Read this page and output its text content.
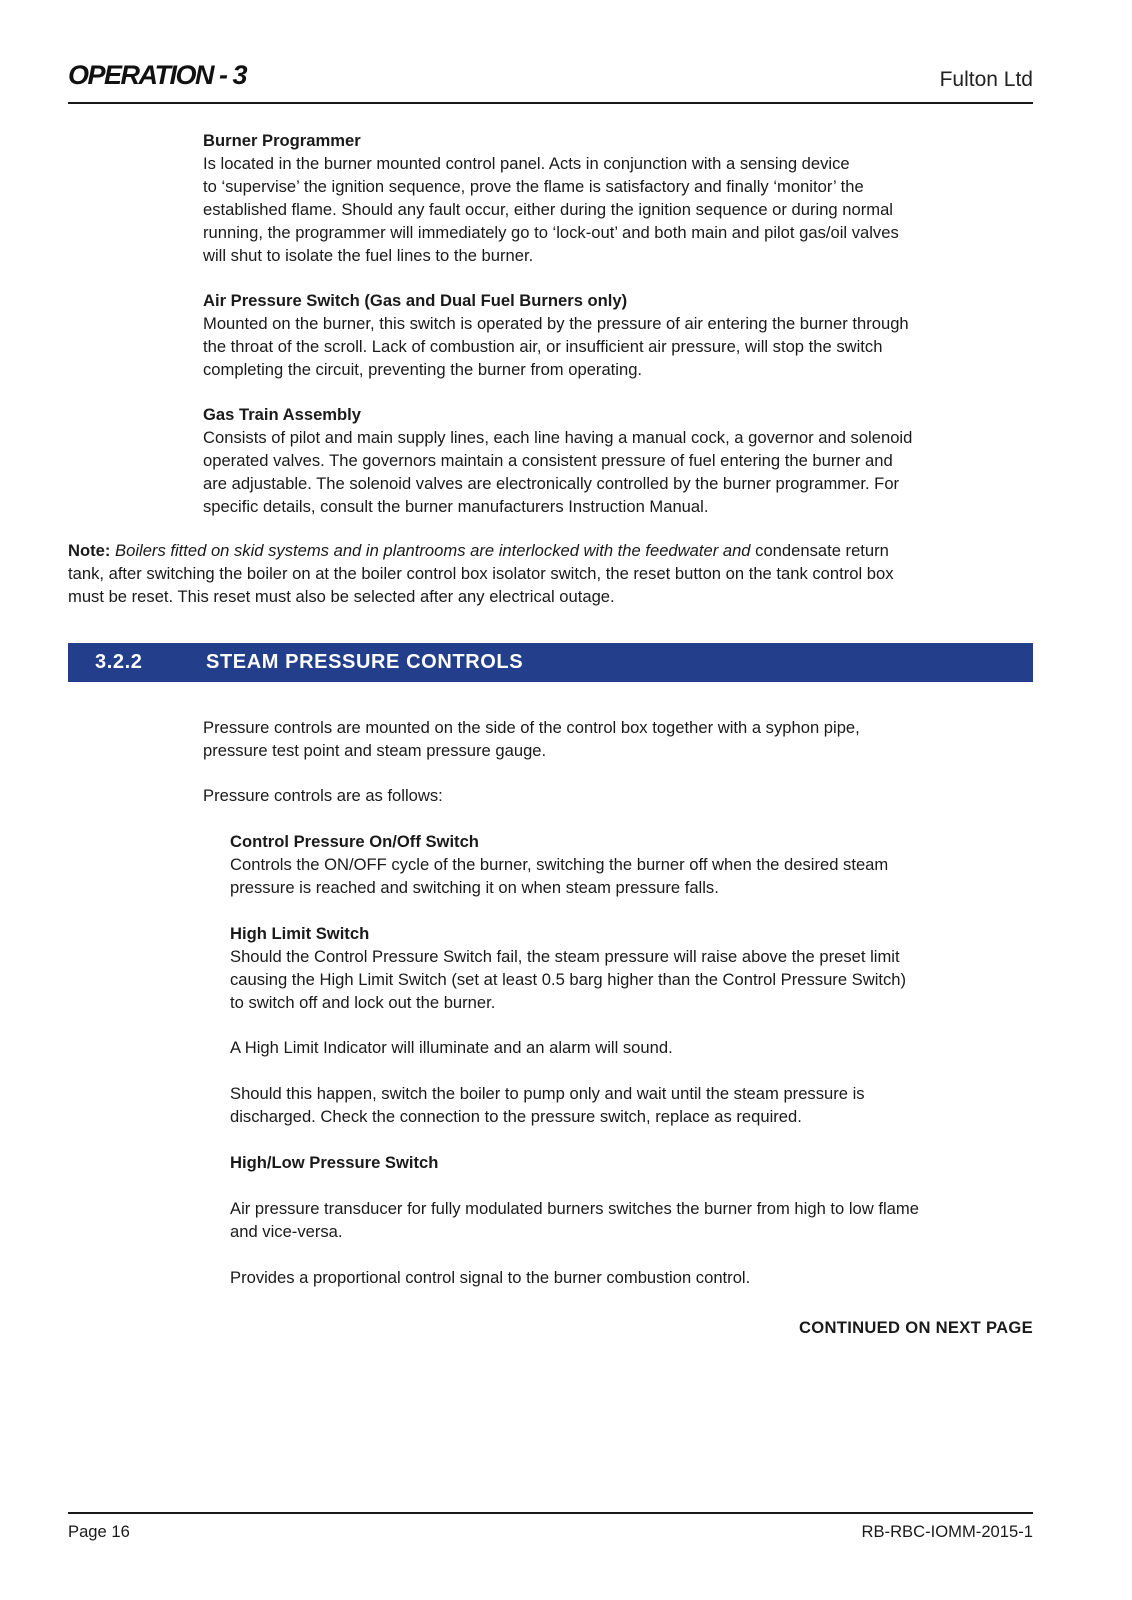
OPERATION - 3	Fulton Ltd
Burner Programmer

Is located in the burner mounted control panel. Acts in conjunction with a sensing device

to ‘supervise’ the ignition sequence, prove the flame is satisfactory and finally ‘monitor’ the

established flame. Should any fault occur, either during the ignition sequence or during normal

running, the programmer will immediately go to ‘lock-out’ and both main and pilot gas/oil valves

will shut to isolate the fuel lines to the burner.

Air Pressure Switch (Gas and Dual Fuel Burners only)

Mounted on the burner, this switch is operated by the pressure of air entering the burner through

the throat of the scroll. Lack of combustion air, or insufficient air pressure, will stop the switch

completing the circuit, preventing the burner from operating.

Gas Train Assembly

Consists of pilot and main supply lines, each line having a manual cock, a governor and solenoid

operated valves. The governors maintain a consistent pressure of fuel entering the burner and

are adjustable. The solenoid valves are electronically controlled by the burner programmer. For

specific details, consult the burner manufacturers Instruction Manual.

Note: Boilers fitted on skid systems and in plantrooms are interlocked with the feedwater and condensate return
tank, after switching the boiler on at the boiler control box isolator switch, the reset button on the tank control box
must be reset. This reset must also be selected after any electrical outage.
3.2.2	STEAM PRESSURE CONTROLS

Pressure controls are mounted on the side of the control box together with a syphon pipe,

pressure test point and steam pressure gauge.

Pressure controls are as follows:

Control Pressure On/Off Switch

Controls the ON/OFF cycle of the burner, switching the burner off when the desired steam

pressure is reached and switching it on when steam pressure falls.

High Limit Switch

Should the Control Pressure Switch fail, the steam pressure will raise above the preset limit

causing the High Limit Switch (set at least 0.5 barg higher than the Control Pressure Switch)

to switch off and lock out the burner.

A High Limit Indicator will illuminate and an alarm will sound.

Should this happen, switch the boiler to pump only and wait until the steam pressure is

discharged. Check the connection to the pressure switch, replace as required.

High/Low Pressure Switch

Air pressure transducer for fully modulated burners switches the burner from high to low flame

and vice-versa.

Provides a proportional control signal to the burner combustion control.

CONTINUED ON NEXT PAGE
Page 16	RB-RBC-IOMM-2015-1
